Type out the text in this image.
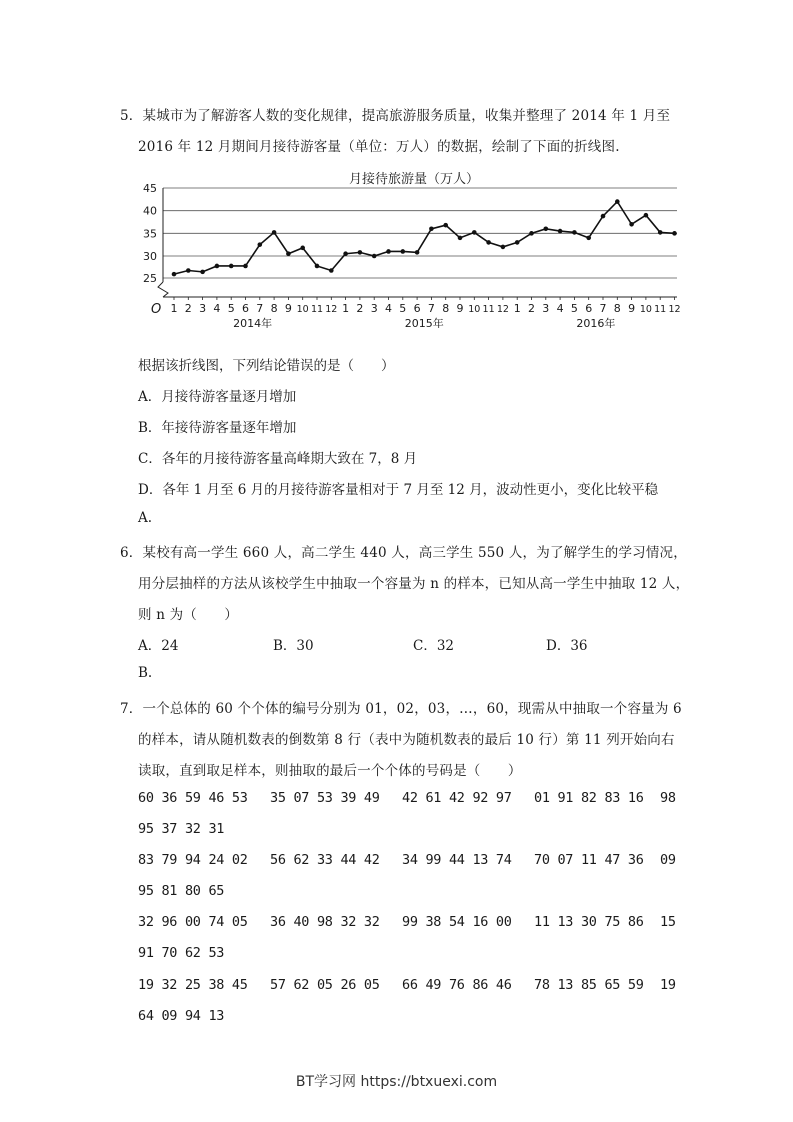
5．某城市为了解游客人数的变化规律，提高旅游服务质量，收集并整理了 2014 年 1 月至
2016 年 12 月期间月接待游客量（单位：万人）的数据，绘制了下面的折线图.
月接待旅游量（万人）
25
30
35
40
45
O 1 2 3 4 5 6 7 8 9 10 11 12 1 2 3 4 5 6 7 8 9 10 11 12 1 2 3 4 5 6 7 8 9 10 11 12
2014年	2015年	2016年
根据该折线图，下列结论错误的是（　　）
A．月接待游客量逐月增加
B．年接待游客量逐年增加
C．各年的月接待游客量高峰期大致在 7，8 月
D．各年 1 月至 6 月的月接待游客量相对于 7 月至 12 月，波动性更小，变化比较平稳
A.
6．某校有高一学生 660 人，高二学生 440 人，高三学生 550 人，为了解学生的学习情况，
用分层抽样的方法从该校学生中抽取一个容量为 n 的样本，已知从高一学生中抽取 12 人，
则 n 为（　　）
A．24	B．30	C．32	D．36
B.
7．一个总体的 60 个个体的编号分别为 01，02，03，…，60，现需从中抽取一个容量为 6
的样本，请从随机数表的倒数第 8 行（表中为随机数表的最后 10 行）第 11 列开始向右
读取，直到取足样本，则抽取的最后一个个体的号码是（　　）
60 36 59 46 53 35 07 53 39 49 42 61 42 92 97 01 91 82 83 16 98
95 37 32 31
83 79 94 24 02 56 62 33 44 42 34 99 44 13 74 70 07 11 47 36 09
95 81 80 65
32 96 00 74 05 36 40 98 32 32 99 38 54 16 00 11 13 30 75 86 15
91 70 62 53
19 32 25 38 45 57 62 05 26 05 66 49 76 86 46 78 13 85 65 59 19
64 09 94 13
BT学习网 https://btxuexi.com
